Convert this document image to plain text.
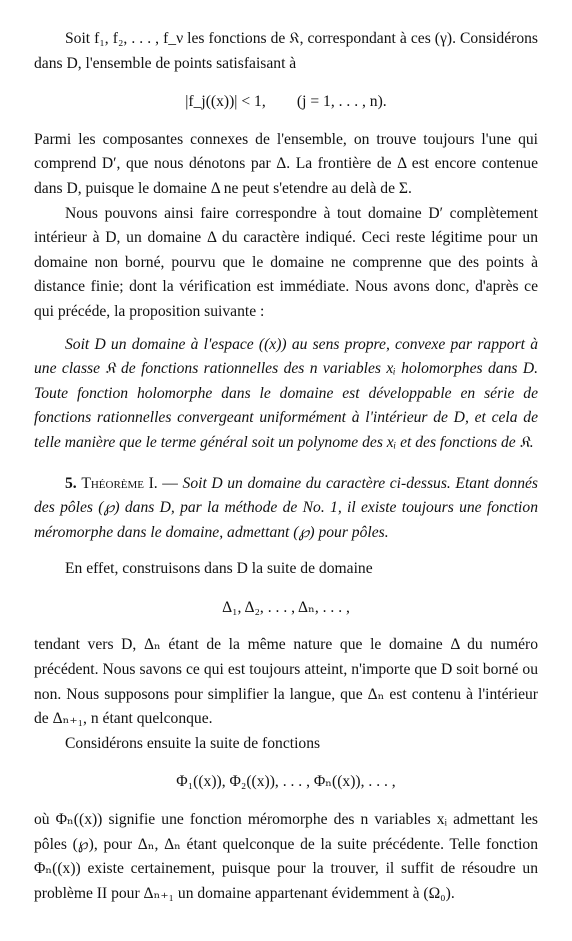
Soit f₁, f₂, . . . , f_ν les fonctions de 𝔎, correspondant à ces (γ). Considérons dans D, l'ensemble de points satisfaisant à

|f_j((x))| < 1,        (j = 1, . . . , n).

Parmi les composantes connexes de l'ensemble, on trouve toujours l'une qui comprend D′, que nous dénotons par Δ. La frontière de Δ est encore contenue dans D, puisque le domaine Δ ne peut s'etendre au delà de Σ.

Nous pouvons ainsi faire correspondre à tout domaine D′ complètement intérieur à D, un domaine Δ du caractère indiqué. Ceci reste légitime pour un domaine non borné, pourvu que le domaine ne comprenne que des points à distance finie; dont la vérification est immédiate. Nous avons donc, d'après ce qui précéde, la proposition suivante :

Soit D un domaine à l'espace ((x)) au sens propre, convexe par rapport à une classe 𝔎 de fonctions rationnelles des n variables xᵢ holomorphes dans D. Toute fonction holomorphe dans le domaine est développable en série de fonctions rationnelles convergeant uniformément à l'intérieur de D, et cela de telle manière que le terme général soit un polynome des xᵢ et des fonctions de 𝔎.

5. Théorème I. — Soit D un domaine du caractère ci-dessus. Etant donnés des pôles (℘) dans D, par la méthode de No. 1, il existe toujours une fonction méromorphe dans le domaine, admettant (℘) pour pôles.

En effet, construisons dans D la suite de domaine

Δ₁, Δ₂, . . . , Δₙ, . . . ,

tendant vers D, Δₙ étant de la même nature que le domaine Δ du numéro précédent. Nous savons ce qui est toujours atteint, n'importe que D soit borné ou non. Nous supposons pour simplifier la langue, que Δₙ est contenu à l'intérieur de Δₙ₊₁, n étant quelconque.

Considérons ensuite la suite de fonctions

Φ₁((x)), Φ₂((x)), . . . , Φₙ((x)), . . . ,

où Φₙ((x)) signifie une fonction méromorphe des n variables xᵢ admettant les pôles (℘), pour Δₙ, Δₙ étant quelconque de la suite précédente. Telle fonction Φₙ((x)) existe certainement, puisque pour la trouver, il suffit de résoudre un problème II pour Δₙ₊₁ un domaine appartenant évidemment à (Ω₀).
